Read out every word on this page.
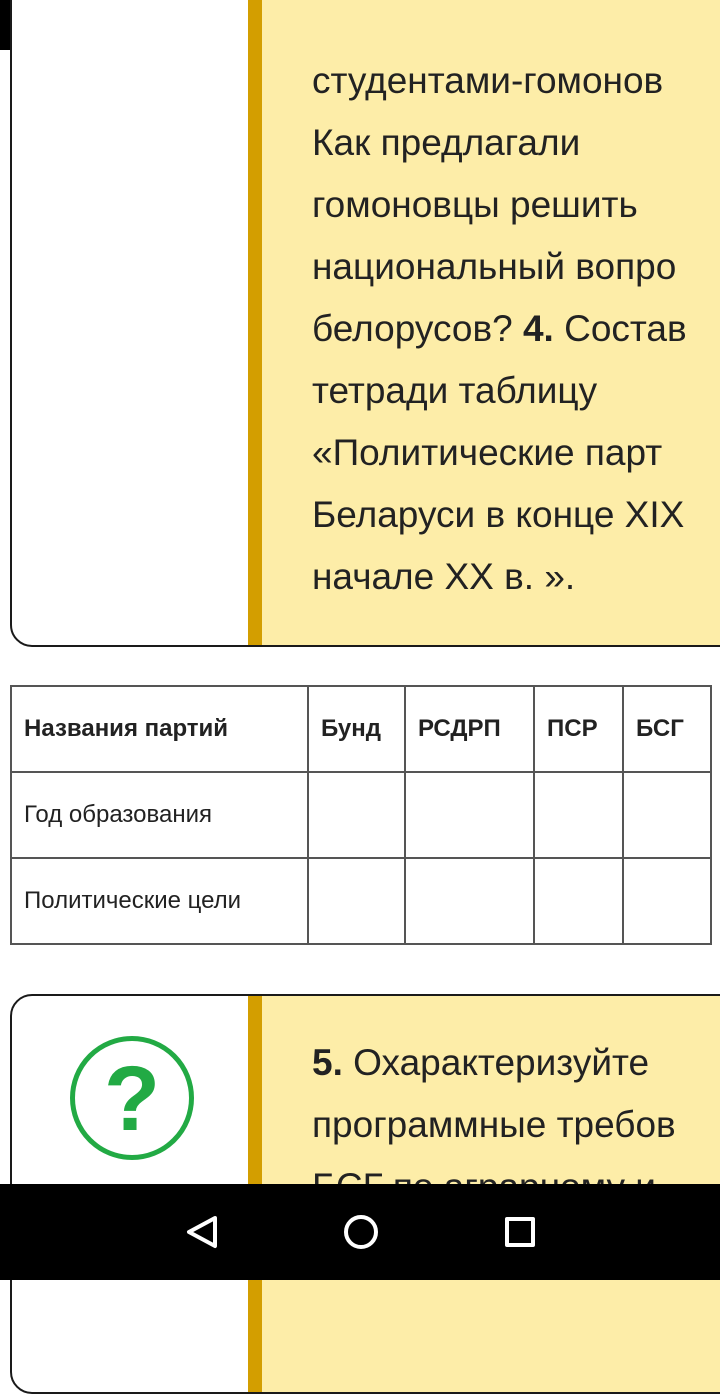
!
студентами-гомонов
Как предлагали
гомоновцы решить
национальный вопро
белорусов? 4. Состав
тетради таблицу
«Политические парт
Беларуси в конце XIX
начале XX в. ».
Названия партий	Бунд	РСДРП	ПСР	БСГ
Год образования				
Политические цели				
?	5. Охарактеризуйте
программные требов
